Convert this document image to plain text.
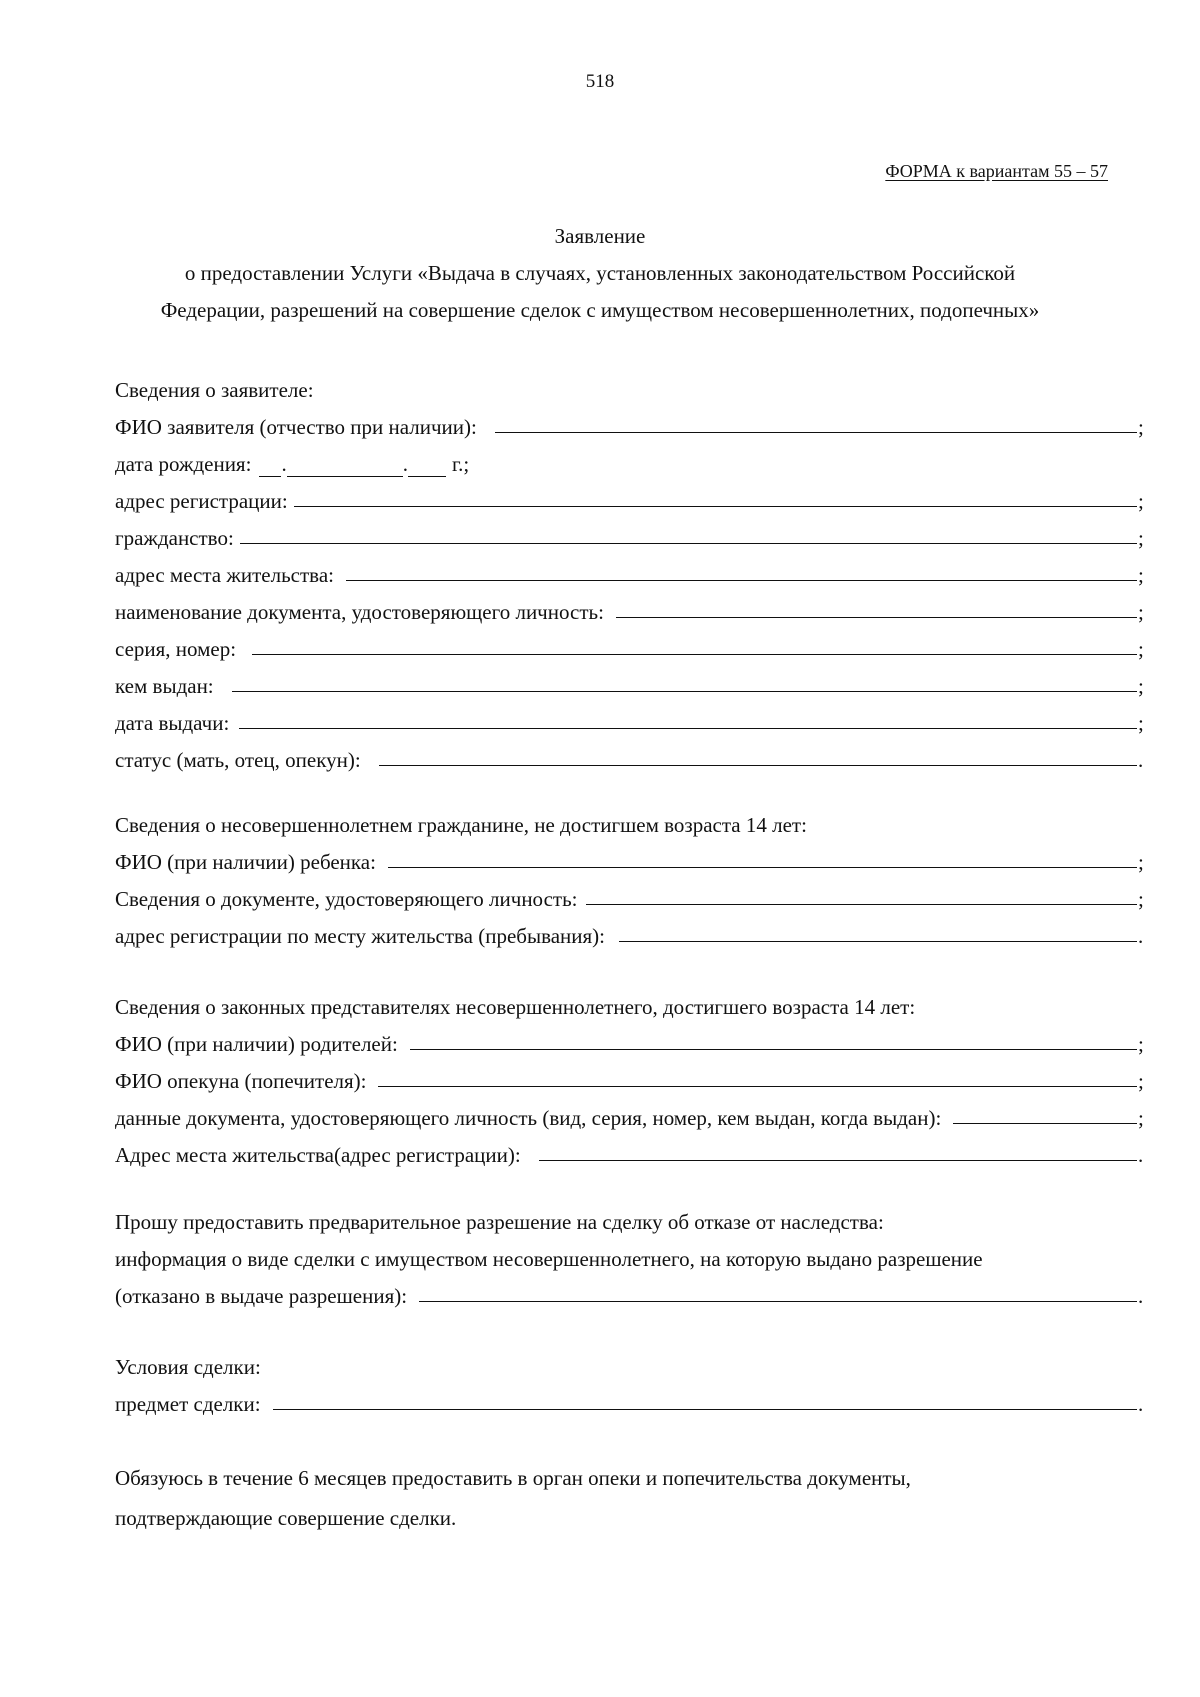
518
ФОРМА к вариантам 55 – 57
Заявление
о предоставлении Услуги «Выдача в случаях, установленных законодательством Российской
Федерации, разрешений на совершение сделок с имуществом несовершеннолетних, подопечных»
Сведения о заявителе:
ФИО заявителя (отчество при наличии):	;
дата рождения: .	. г.;
адрес регистрации:	;
гражданство:	;
адрес места жительства:	;
наименование документа, удостоверяющего личность:	;
серия, номер:	;
кем выдан:	;
дата выдачи:	;
статус (мать, отец, опекун):	.
Сведения о несовершеннолетнем гражданине, не достигшем возраста 14 лет:
ФИО (при наличии) ребенка:	;
Сведения о документе, удостоверяющего личность:	;
адрес регистрации по месту жительства (пребывания):	.
Сведения о законных представителях несовершеннолетнего, достигшего возраста 14 лет:
ФИО (при наличии) родителей:	;
ФИО опекуна (попечителя):	;
данные документа, удостоверяющего личность (вид, серия, номер, кем выдан, когда выдан):	;
Адрес места жительства(адрес регистрации):	.
Прошу предоставить предварительное разрешение на сделку об отказе от наследства:
информация о виде сделки с имуществом несовершеннолетнего, на которую выдано разрешение
(отказано в выдаче разрешения):	.
Условия сделки:
предмет сделки:	.
Обязуюсь в течение 6 месяцев предоставить в орган опеки и попечительства документы,
подтверждающие совершение сделки.
